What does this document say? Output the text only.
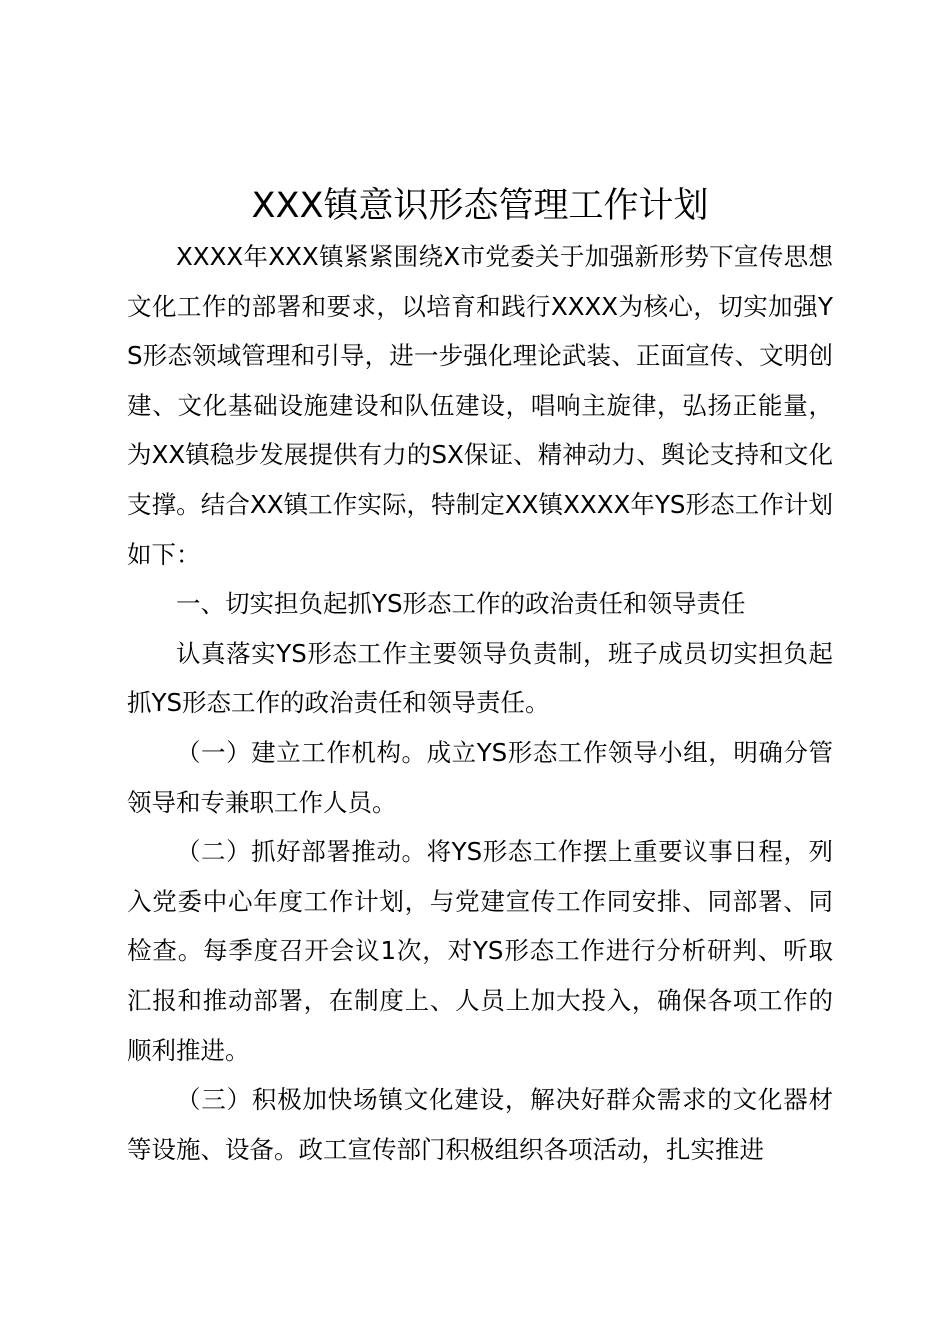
XXX镇意识形态管理工作计划

XXXX年XXX镇紧紧围绕X市党委关于加强新形势下宣传思想文化工作的部署和要求，以培育和践行XXXX为核心，切实加强YS形态领域管理和引导，进一步强化理论武装、正面宣传、文明创建、文化基础设施建设和队伍建设，唱响主旋律，弘扬正能量，为XX镇稳步发展提供有力的SX保证、精神动力、舆论支持和文化支撑。结合XX镇工作实际，特制定XX镇XXXX年YS形态工作计划如下：

一、切实担负起抓YS形态工作的政治责任和领导责任

认真落实YS形态工作主要领导负责制，班子成员切实担负起抓YS形态工作的政治责任和领导责任。

（一）建立工作机构。成立YS形态工作领导小组，明确分管领导和专兼职工作人员。

（二）抓好部署推动。将YS形态工作摆上重要议事日程，列入党委中心年度工作计划，与党建宣传工作同安排、同部署、同检查。每季度召开会议1次，对YS形态工作进行分析研判、听取汇报和推动部署，在制度上、人员上加大投入，确保各项工作的顺利推进。

（三）积极加快场镇文化建设，解决好群众需求的文化器材等设施、设备。政工宣传部门积极组织各项活动，扎实推进
